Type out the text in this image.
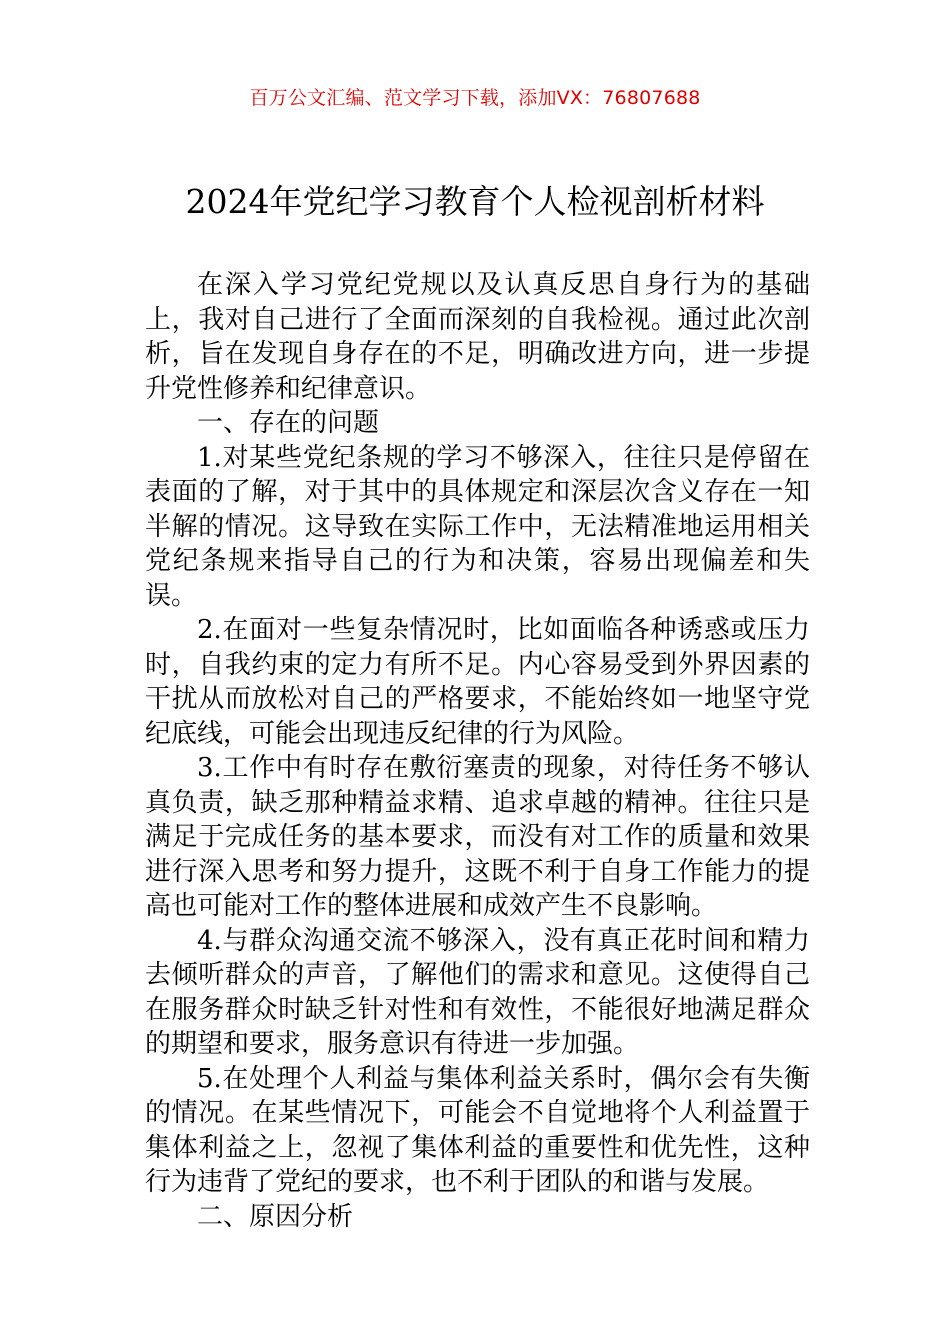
百万公文汇编、范文学习下载，添加VX：76807688
2024年党纪学习教育个人检视剖析材料

在深入学习党纪党规以及认真反思自身行为的基础上，我对自己进行了全面而深刻的自我检视。通过此次剖析，旨在发现自身存在的不足，明确改进方向，进一步提升党性修养和纪律意识。

一、存在的问题

1.对某些党纪条规的学习不够深入，往往只是停留在表面的了解，对于其中的具体规定和深层次含义存在一知半解的情况。这导致在实际工作中，无法精准地运用相关党纪条规来指导自己的行为和决策，容易出现偏差和失误。

2.在面对一些复杂情况时，比如面临各种诱惑或压力时，自我约束的定力有所不足。内心容易受到外界因素的干扰从而放松对自己的严格要求，不能始终如一地坚守党纪底线，可能会出现违反纪律的行为风险。

3.工作中有时存在敷衍塞责的现象，对待任务不够认真负责，缺乏那种精益求精、追求卓越的精神。往往只是满足于完成任务的基本要求，而没有对工作的质量和效果进行深入思考和努力提升，这既不利于自身工作能力的提高也可能对工作的整体进展和成效产生不良影响。

4.与群众沟通交流不够深入，没有真正花时间和精力去倾听群众的声音，了解他们的需求和意见。这使得自己在服务群众时缺乏针对性和有效性，不能很好地满足群众的期望和要求，服务意识有待进一步加强。

5.在处理个人利益与集体利益关系时，偶尔会有失衡的情况。在某些情况下，可能会不自觉地将个人利益置于集体利益之上，忽视了集体利益的重要性和优先性，这种行为违背了党纪的要求，也不利于团队的和谐与发展。

二、原因分析
